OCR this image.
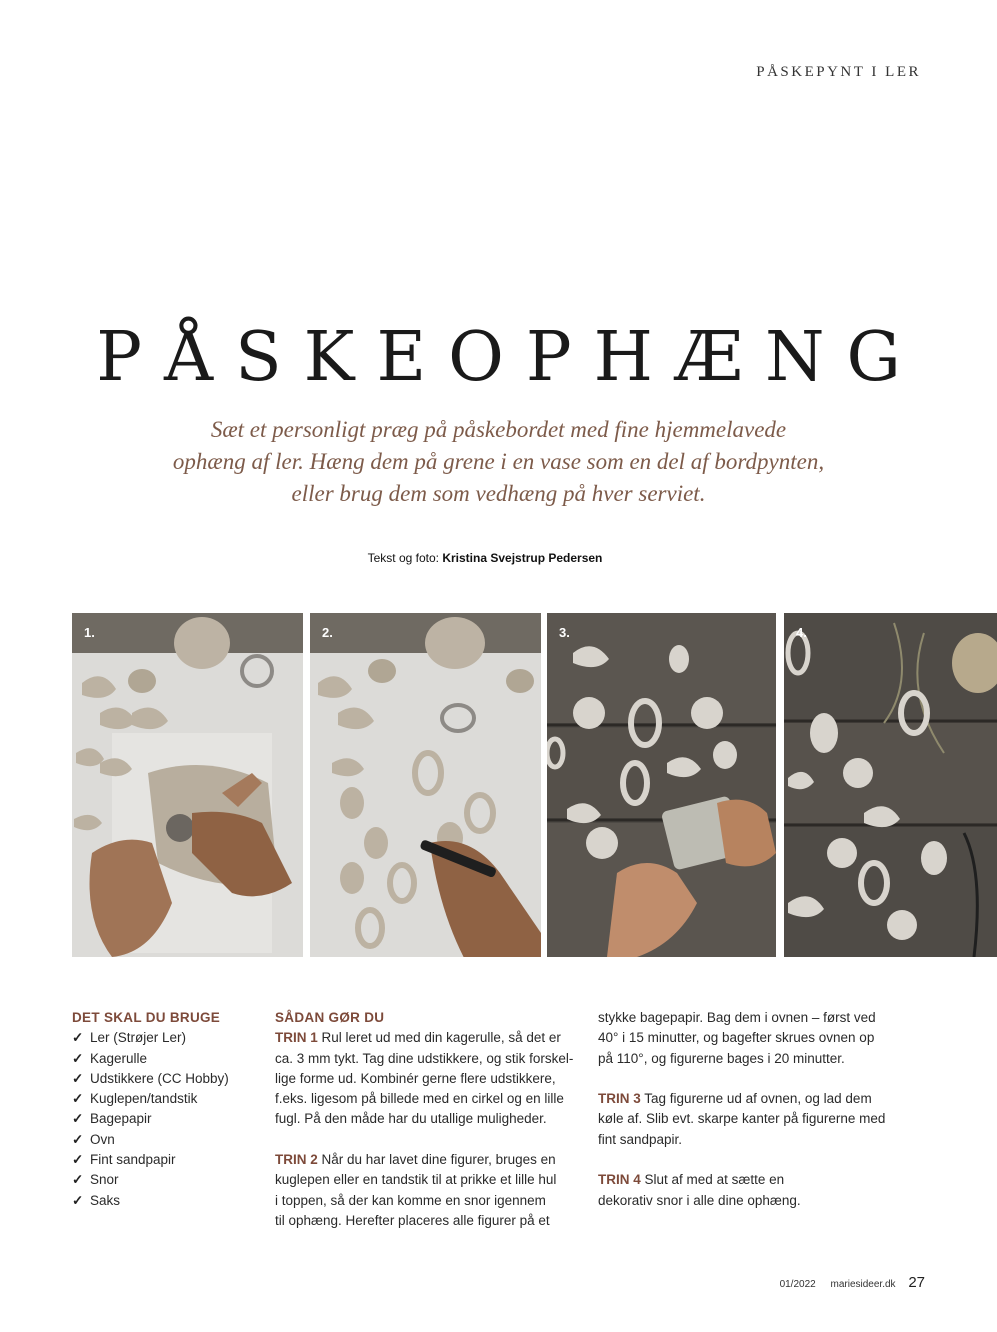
PÅSKEPYNT I LER
PÅSKEOPHÆNG
Sæt et personligt præg på påskebordet med fine hjemmelavede
ophæng af ler. Hæng dem på grene i en vase som en del af bordpynten,
eller brug dem som vedhæng på hver serviet.
Tekst og foto: Kristina Svejstrup Pedersen
1.	2.	3.	4.
DET SKAL DU BRUGE
✓ Ler (Strøjer Ler)
✓ Kagerulle
✓ Udstikkere (CC Hobby)
✓ Kuglepen/tandstik
✓ Bagepapir
✓ Ovn
✓ Fint sandpapir
✓ Snor
✓ Saks
SÅDAN GØR DU
TRIN 1 Rul leret ud med din kagerulle, så det er
ca. 3 mm tykt. Tag dine udstikkere, og stik forskel-
lige forme ud. Kombinér gerne flere udstikkere,
f.eks. ligesom på billede med en cirkel og en lille
fugl. På den måde har du utallige muligheder.
TRIN 2 Når du har lavet dine figurer, bruges en
kuglepen eller en tandstik til at prikke et lille hul
i toppen, så der kan komme en snor igennem
til ophæng. Herefter placeres alle figurer på et
stykke bagepapir. Bag dem i ovnen – først ved
40° i 15 minutter, og bagefter skrues ovnen op
på 110°, og figurerne bages i 20 minutter.
TRIN 3 Tag figurerne ud af ovnen, og lad dem
køle af. Slib evt. skarpe kanter på figurerne med
fint sandpapir.
TRIN 4 Slut af med at sætte en
dekorativ snor i alle dine ophæng.
01/2022 mariesideer.dk 27
